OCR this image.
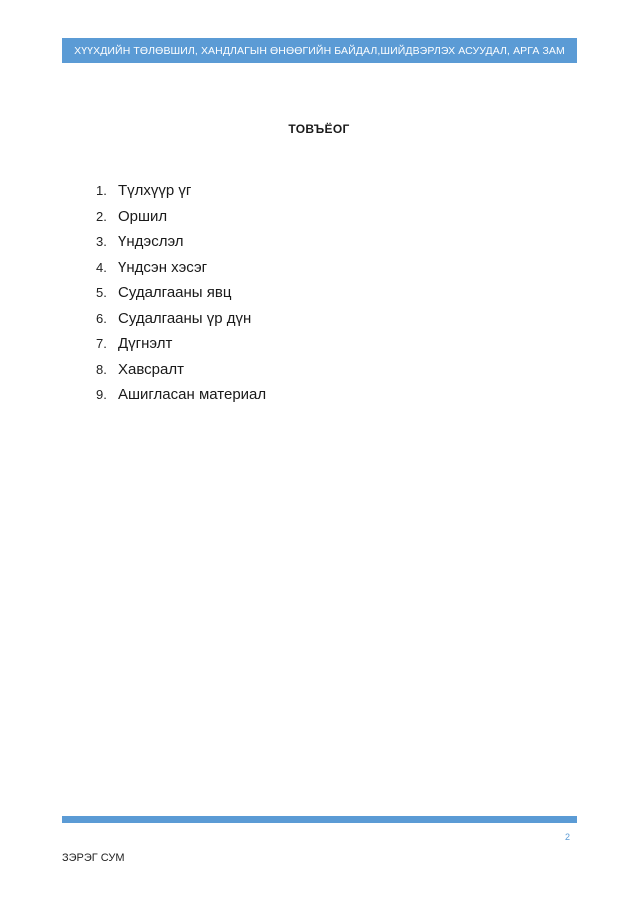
ХҮҮХДИЙН ТӨЛӨВШИЛ, ХАНДЛАГЫН ӨНӨӨГИЙН БАЙДАЛ,ШИЙДВЭРЛЭХ АСУУДАЛ, АРГА ЗАМ
ТОВЪЁОГ
1. Түлхүүр үг
2. Оршил
3. Үндэслэл
4. Үндсэн хэсэг
5. Судалгааны явц
6. Судалгааны үр дүн
7. Дүгнэлт
8. Хавсралт
9. Ашигласан материал
2
ЗЭРЭГ СУМ
